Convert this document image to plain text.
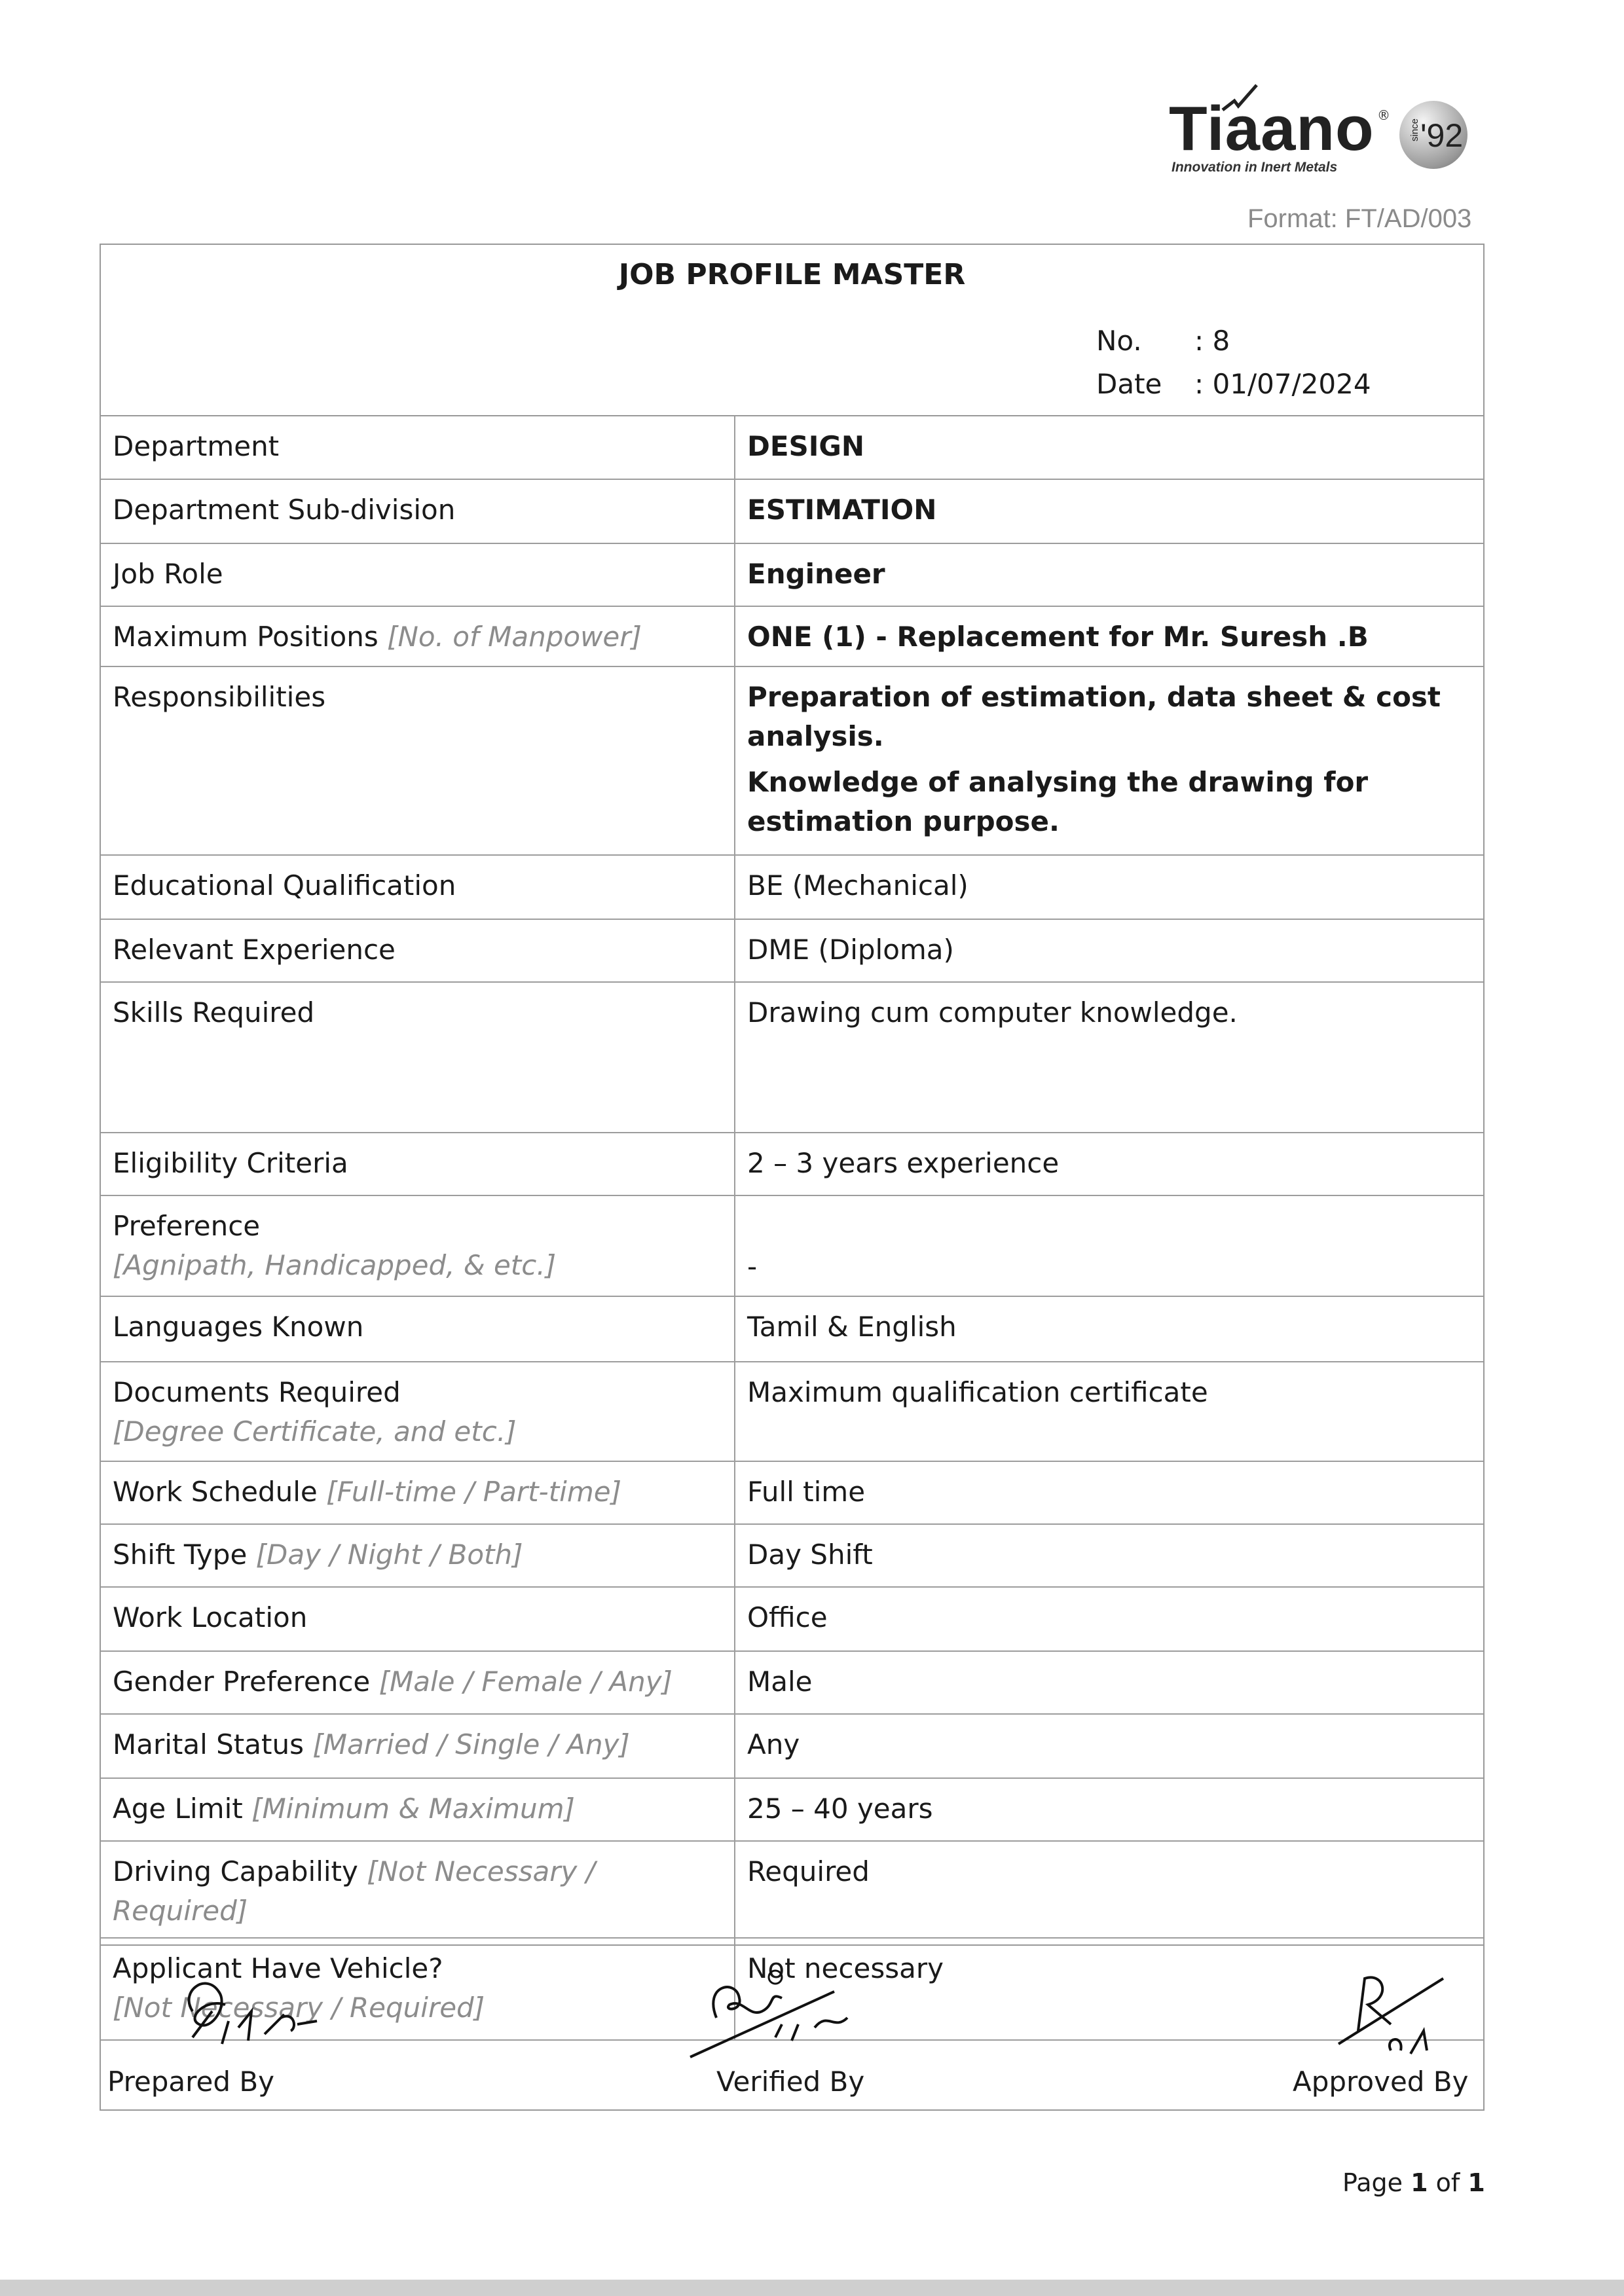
Tiaano ®
Innovation in Inert Metals
since '92
Format: FT/AD/003
JOB PROFILE MASTER
No. : 8
Date : 01/07/2024
Department	DESIGN
Department Sub-division	ESTIMATION
Job Role	Engineer
Maximum Positions [No. of Manpower]	ONE (1) - Replacement for Mr. Suresh .B
Responsibilities	Preparation of estimation, data sheet & cost analysis.
Knowledge of analysing the drawing for estimation purpose.

Educational Qualification	BE (Mechanical)
Relevant Experience	DME (Diploma)
Skills Required	Drawing cum computer knowledge.
Eligibility Criteria	2 – 3 years experience
Preference
[Agnipath, Handicapped, & etc.]	-
Languages Known	Tamil & English
Documents Required
[Degree Certificate, and etc.]	Maximum qualification certificate
Work Schedule [Full-time / Part-time]	Full time
Shift Type [Day / Night / Both]	Day Shift
Work Location	Office
Gender Preference [Male / Female / Any]	Male
Marital Status [Married / Single / Any]	Any
Age Limit [Minimum & Maximum]	25 – 40 years
Driving Capability [Not Necessary / Required]	Required
Applicant Have Vehicle?
[Not Necessary / Required]	Not necessary
Prepared By	Verified By	Approved By
Page 1 of 1
